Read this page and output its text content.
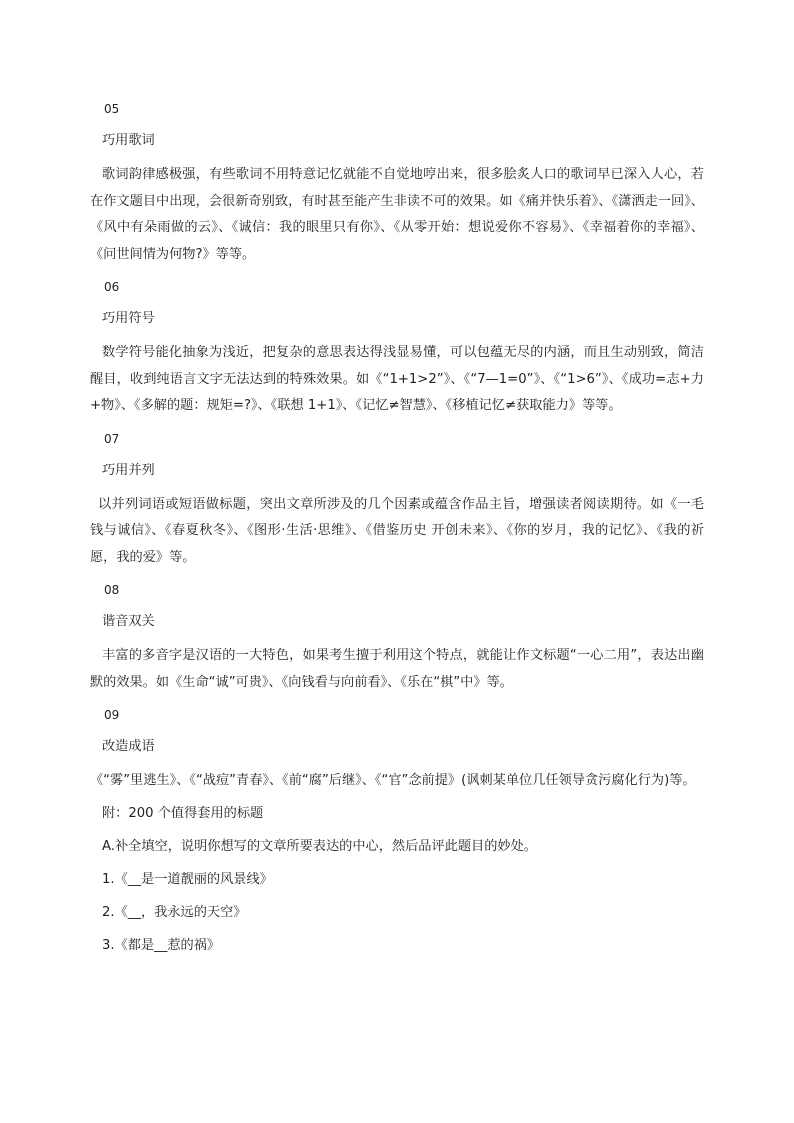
05

巧用歌词

歌词韵律感极强，有些歌词不用特意记忆就能不自觉地哼出来，很多脍炙人口的歌词早已深入人心，若在作文题目中出现，会很新奇别致，有时甚至能产生非读不可的效果。如《痛并快乐着》、《潇洒走一回》、《风中有朵雨做的云》、《诚信：我的眼里只有你》、《从零开始：想说爱你不容易》、《幸福着你的幸福》、《问世间情为何物?》等等。

06

巧用符号

数学符号能化抽象为浅近，把复杂的意思表达得浅显易懂，可以包蕴无尽的内涵，而且生动别致，简洁醒目，收到纯语言文字无法达到的特殊效果。如《“1+1>2”》、《“7—1=0”》、《“1>6”》、《成功=志+力+物》、《多解的题：规矩=?》、《联想 1+1》、《记忆≠智慧》、《移植记忆≠获取能力》等等。

07

巧用并列

以并列词语或短语做标题，突出文章所涉及的几个因素或蕴含作品主旨，增强读者阅读期待。如《一毛钱与诚信》、《春夏秋冬》、《图形·生活·思维》、《借鉴历史 开创未来》、《你的岁月，我的记忆》、《我的祈愿，我的爱》等。

08

谐音双关

丰富的多音字是汉语的一大特色，如果考生擅于利用这个特点，就能让作文标题“一心二用”，表达出幽默的效果。如《生命“诚”可贵》、《向钱看与向前看》、《乐在“棋”中》等。

09

改造成语

《“雾”里逃生》、《“战痘”青春》、《前“腐”后继》、《“官”念前提》(讽刺某单位几任领导贪污腐化行为)等。

附：200 个值得套用的标题

A.补全填空，说明你想写的文章所要表达的中心，然后品评此题目的妙处。

1.《__是一道靓丽的风景线》

2.《__，我永远的天空》

3.《都是__惹的祸》
